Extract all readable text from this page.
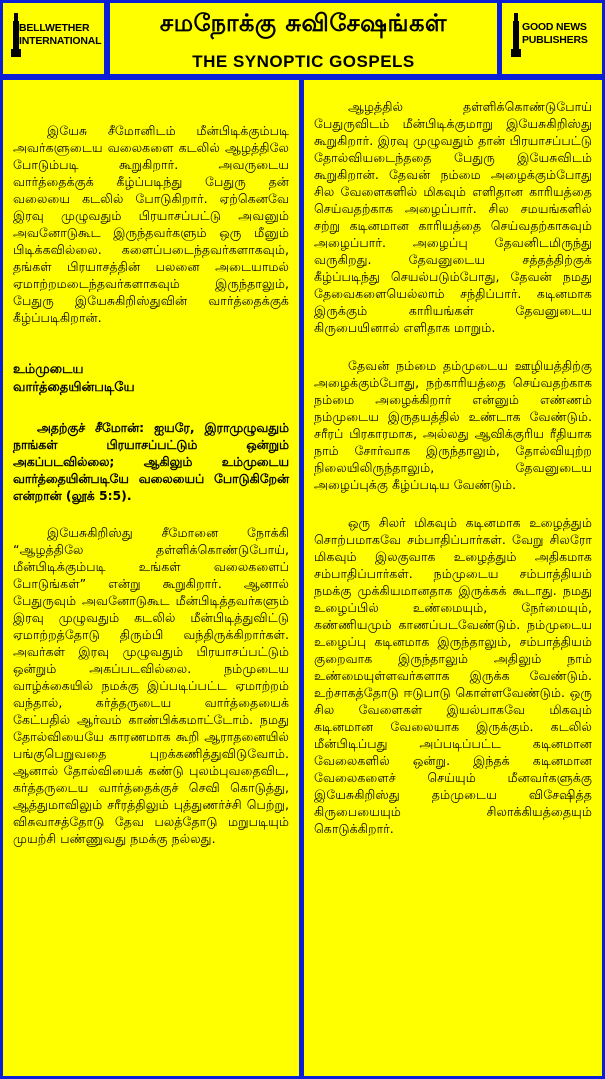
BELLWETHER
INTERNATIONAL
சமநோக்கு சுவிசேஷங்கள்
THE SYNOPTIC GOSPELS
GOOD NEWS
PUBLISHERS

இயேசு சீமோனிடம் மீன்பிடிக்கும்படி அவர்களுடைய வலைகளை கடலில் ஆழத்திலே போடும்படி கூறுகிறார். அவருடைய வார்த்தைக்குக் கீழ்ப்படிந்து பேதுரு தன் வலையை கடலில் போடுகிறார். ஏற்கெனவே இரவு முழுவதும் பிரயாசப்பட்டு அவனும் அவனோடுகூட இருந்தவர்களும் ஒரு மீனும் பிடிக்கவில்லை. களைப்படைந்தவர்களாகவும், தங்கள் பிரயாசத்தின் பலனை அடையாமல் ஏமாற்றமடைந்தவர்களாகவும் இருந்தாலும், பேதுரு இயேசுகிறிஸ்துவின் வார்த்தைக்குக் கீழ்ப்படிகிறான்.

உம்முடைய வார்த்தையின்படியே
அதற்குச் சீமோன்: ஐயரே, இராமுழுவதும் நாங்கள் பிரயாசப்பட்டும் ஒன்றும் அகப்படவில்லை; ஆகிலும் உம்முடைய வார்த்தையின்படியே வலையைப் போடுகிறேன் என்றான் (லூக் 5:5).

இயேசுகிறிஸ்து சீமோனை நோக்கி “ஆழத்திலே தள்ளிக்கொண்டுபோய், மீன்பிடிக்கும்படி உங்கள் வலைகளைப் போடுங்கள்” என்று கூறுகிறார். ஆனால் பேதுருவும் அவனோடுகூட மீன்பிடித்தவர்களும் இரவு முழுவதும் கடலில் மீன்பிடித்துவிட்டு ஏமாற்றத்தோடு திரும்பி வந்திருக்கிறார்கள். அவர்கள் இரவு முழுவதும் பிரயாசப்பட்டும் ஒன்றும் அகப்படவில்லை. நம்முடைய வாழ்க்கையில் நமக்கு இப்படிப்பட்ட ஏமாற்றம் வந்தால், கர்த்தருடைய வார்த்தையைக் கேட்பதில் ஆர்வம் காண்பிக்கமாட்டோம். நமது தோல்வியையே காரணமாக கூறி ஆராதனையில் பங்குபெறுவதை புறக்கணித்துவிடுவோம். ஆனால் தோல்வியைக் கண்டு புலம்புவதைவிட, கர்த்தருடைய வார்த்தைக்குச் செவி கொடுத்து, ஆத்துமாவிலும் சரீரத்திலும் புத்துணர்ச்சி பெற்று, விசுவாசத்தோடு தேவ பலத்தோடு மறுபடியும் முயற்சி பண்ணுவது நமக்கு நல்லது.

ஆழத்தில் தள்ளிக்கொண்டுபோய் பேதுருவிடம் மீன்பிடிக்குமாறு இயேசுகிறிஸ்து கூறுகிறார். இரவு முழுவதும் தான் பிரயாசப்பட்டு தோல்வியடைந்ததை பேதுரு இயேசுவிடம் கூறுகிறான். தேவன் நம்மை அழைக்கும்போது சில வேளைகளில் மிகவும் எளிதான காரியத்தை செய்வதற்காக அழைப்பார். சில சமயங்களில் சற்று கடினமான காரியத்தை செய்வதற்காகவும் அழைப்பார். அழைப்பு தேவனிடமிருந்து வருகிறது. தேவனுடைய சத்தத்திற்குக் கீழ்ப்படிந்து செயல்படும்போது, தேவன் நமது தேவைகளையெல்லாம் சந்திப்பார். கடினமாக இருக்கும் காரியங்கள் தேவனுடைய கிருபையினால் எளிதாக மாறும்.

தேவன் நம்மை தம்முடைய ஊழியத்திற்கு அழைக்கும்போது, நற்காரியத்தை செய்வதற்காக நம்மை அழைக்கிறார் என்னும் எண்ணம் நம்முடைய இருதயத்தில் உண்டாக வேண்டும். சரீரப் பிரகாரமாக, அல்லது ஆவிக்குரிய ரீதியாக நாம் சோர்வாக இருந்தாலும், தோல்வியுற்ற நிலையிலிருந்தாலும், தேவனுடைய அழைப்புக்கு கீழ்ப்படிய வேண்டும்.

ஒரு சிலர் மிகவும் கடினமாக உழைத்தும் சொற்பமாகவே சம்பாதிப்பார்கள். வேறு சிலரோ மிகவும் இலகுவாக உழைத்தும் அதிகமாக சம்பாதிப்பார்கள். நம்முடைய சம்பாத்தியம் நமக்கு முக்கியமானதாக இருக்கக் கூடாது. நமது உழைப்பில் உண்மையும், நேர்மையும், கண்ணியமும் காணப்படவேண்டும். நம்முடைய உழைப்பு கடினமாக இருந்தாலும், சம்பாத்தியம் குறைவாக இருந்தாலும் அதிலும் நாம் உண்மையுள்ளவர்களாக இருக்க வேண்டும். உற்சாகத்தோடு ஈடுபாடு கொள்ளவேண்டும். ஒரு சில வேளைகள் இயல்பாகவே மிகவும் கடினமான வேலையாக இருக்கும். கடலில் மீன்பிடிப்பது அப்படிப்பட்ட கடினமான வேலைகளில் ஒன்று. இந்தக் கடினமான வேலைகளைச் செய்யும் மீனவர்களுக்கு இயேசுகிறிஸ்து தம்முடைய விசேஷித்த கிருபையையும் சிலாக்கியத்தையும் கொடுக்கிறார்.
